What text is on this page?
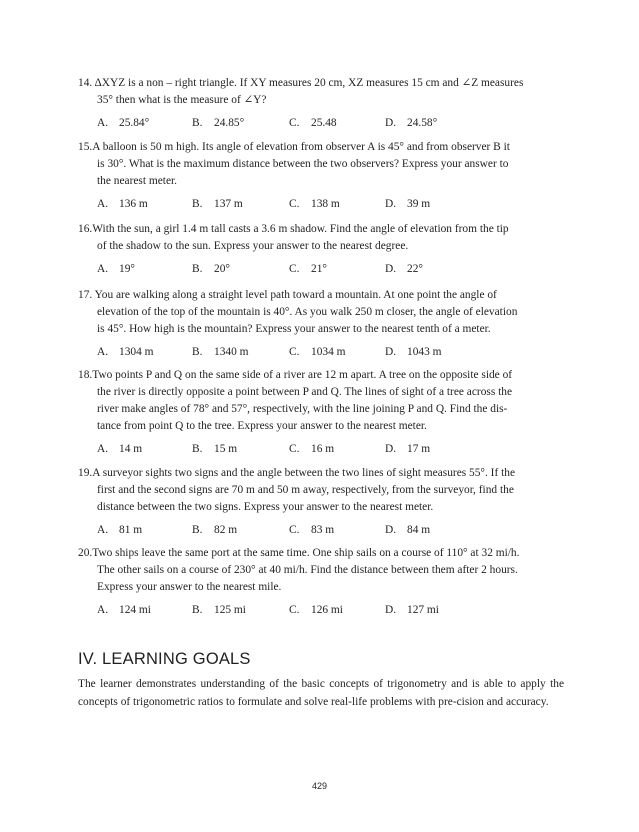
14. ΔXYZ is a non – right triangle. If XY measures 20 cm, XZ measures 15 cm and ∠Z measures
35° then what is the measure of ∠Y?
A. 25.84°	B. 24.85°	C. 25.48	D. 24.58°
15.A balloon is 50 m high. Its angle of elevation from observer A is 45° and from observer B it
is 30°. What is the maximum distance between the two observers? Express your answer to
the nearest meter.
A. 136 m	B. 137 m	C. 138 m	D. 39 m
16.With the sun, a girl 1.4 m tall casts a 3.6 m shadow. Find the angle of elevation from the tip
of the shadow to the sun. Express your answer to the nearest degree.
A. 19°	B. 20°	C. 21°	D. 22°
17. You are walking along a straight level path toward a mountain. At one point the angle of
elevation of the top of the mountain is 40°. As you walk 250 m closer, the angle of elevation
is 45°. How high is the mountain? Express your answer to the nearest tenth of a meter.
A. 1304 m	B. 1340 m	C. 1034 m	D. 1043 m
18.Two points P and Q on the same side of a river are 12 m apart. A tree on the opposite side of
the river is directly opposite a point between P and Q. The lines of sight of a tree across the
river make angles of 78° and 57°, respectively, with the line joining P and Q. Find the dis-
tance from point Q to the tree. Express your answer to the nearest meter.
A. 14 m	B. 15 m	C. 16 m	D. 17 m
19.A surveyor sights two signs and the angle between the two lines of sight measures 55°. If the
first and the second signs are 70 m and 50 m away, respectively, from the surveyor, find the
distance between the two signs. Express your answer to the nearest meter.
A. 81 m	B. 82 m	C. 83 m	D. 84 m
20.Two ships leave the same port at the same time. One ship sails on a course of 110° at 32 mi/h.
The other sails on a course of 230° at 40 mi/h. Find the distance between them after 2 hours.
Express your answer to the nearest mile.
A. 124 mi	B. 125 mi	C. 126 mi	D. 127 mi
IV. LEARNING GOALS
The learner demonstrates understanding of the basic concepts of trigonometry and is able to apply the concepts of trigonometric ratios to formulate and solve real-life problems with pre-cision and accuracy.
429
